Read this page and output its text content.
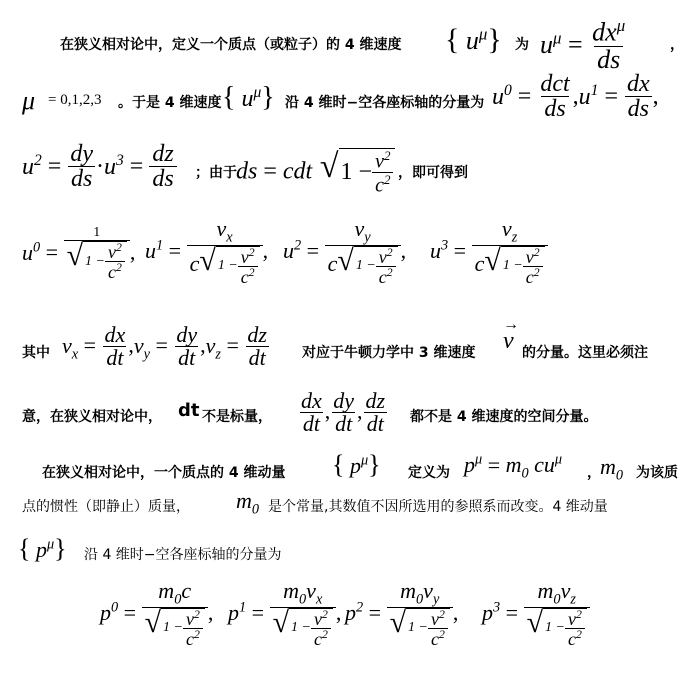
在狭义相对论中，定义一个质点（或粒子）的 4 维速度 { $u^\mu$} 为 $u^\mu = \frac{dx^\mu}{ds}$	，
μ = 0,1,2,3 。于是 4 维速度 { $u^\mu$} 沿 4 维时−空各座标轴的分量为 $u^0 = \frac{\text{dct}}{ds} ,u^1 = \frac{dx}{ds}$ ,
$u^2 = \frac{dy}{ds} \cdot u^3 = \frac{dz}{ds}$ ；由于 ds = cdt √ $1 - \frac{v^2}{c^2}$ ，即可得到
$u^0 = \frac{1}{√ 1 - \frac{v^2}{c^2}}$ , $u^1 = \frac{v_x}{c √ 1 - \frac{v^2}{c^2}}$ , $u^2 = \frac{v_y}{c √ 1 - \frac{v^2}{c^2}}$ , $u^3 = \frac{v_z}{c √ 1 - \frac{v^2}{c^2}}$
其中 $v_x = \frac{dx}{dt} ,v_y = \frac{dy}{dt} ,v_z = \frac{dz}{dt}$ 对应于牛顿力学中 3 维速度
→
v 的分量。这里必须注
意，在狭义相对论中， dt 不是标量， $\frac{dx}{dt}$ , $\frac{dy}{dt}$ , $\frac{dz}{dt}$ 都不是 4 维速度的空间分量。
在狭义相对论中，一个质点的 4 维动量 { $p^\mu$} 定义为 $p^\mu = m_0$ $cu^\mu$
， $m_0$ 为该质
点的惯性（即静止）质量， $m_0$ 是个常量,其数值不因所选用的参照系而改变。4 维动量
{ $p^\mu$} 沿 4 维时−空各座标轴的分量为
$p^0 = \frac{m_0c}{√ 1 - \frac{v^2}{c^2}}$ , $p^1 = \frac{m_0v_x}{√ 1 - \frac{v^2}{c^2}}$ , $p^2 = \frac{m_0v_y}{√ 1 - \frac{v^2}{c^2}}$ , $p^3 = \frac{m_0v_z}{√ 1 - \frac{v^2}{c^2}}$
